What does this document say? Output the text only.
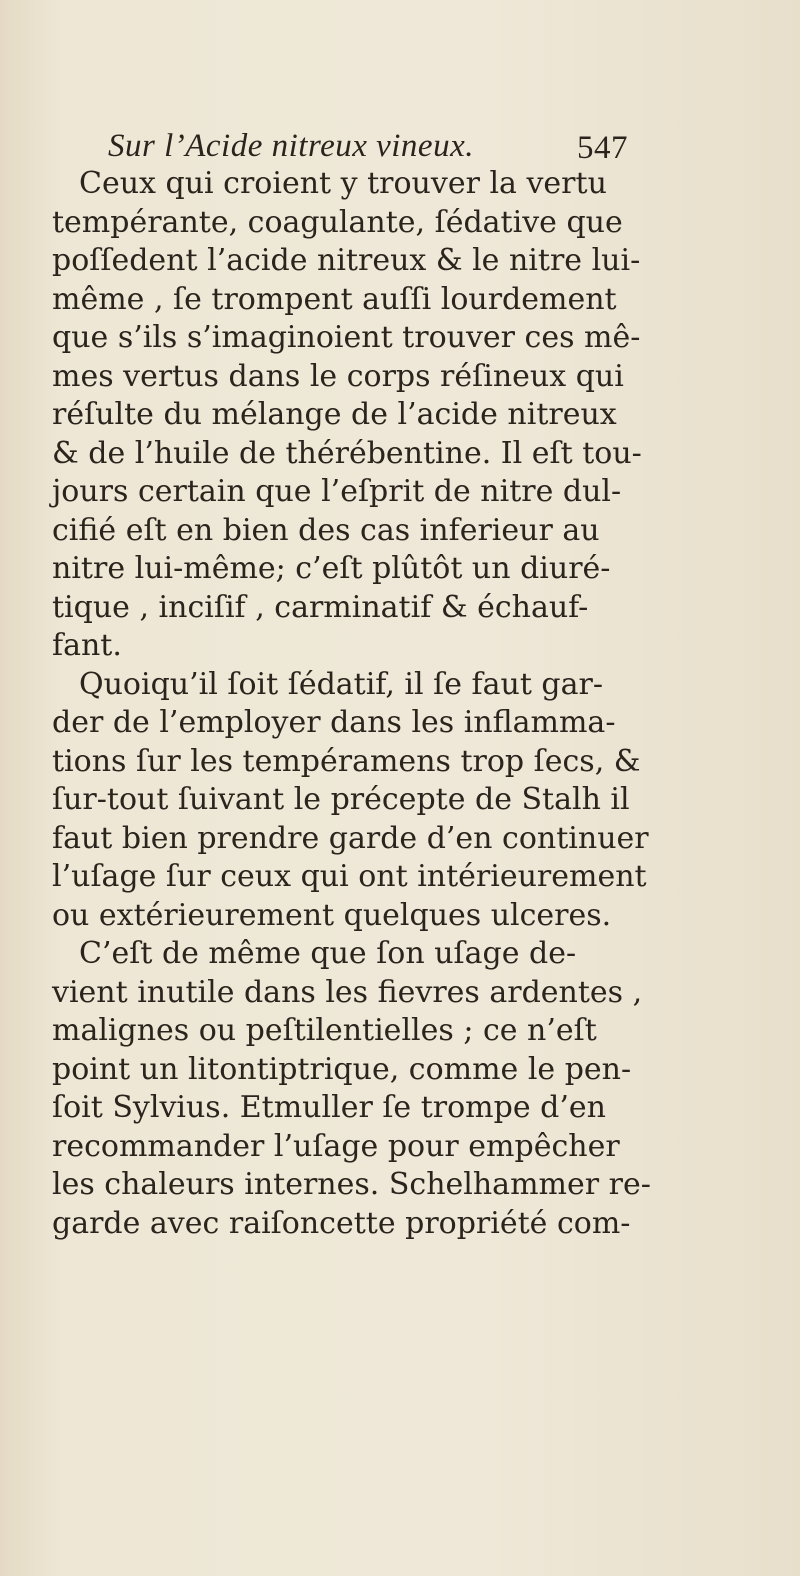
Sur l’Acide nitreux vineux.	547
Ceux qui croient y trouver la vertu
tempérante, coagulante, ſédative que
poſſedent l’acide nitreux & le nitre lui-
même , ſe trompent auſſi lourdement
que s’ils s’imaginoient trouver ces mê-
mes vertus dans le corps réſineux qui
réſulte du mélange de l’acide nitreux
& de l’huile de thérébentine. Il eſt tou-
jours certain que l’eſprit de nitre dul-
cifié eſt en bien des cas inferieur au
nitre lui-même; c’eſt plûtôt un diuré-
tique , inciſif , carminatif & échauf-
fant.
Quoiqu’il ſoit ſédatif, il ſe faut gar-
der de l’employer dans les inflamma-
tions ſur les tempéramens trop ſecs, &
ſur-tout ſuivant le précepte de Stalh il
faut bien prendre garde d’en continuer
l’uſage ſur ceux qui ont intérieurement
ou extérieurement quelques ulceres.
C’eſt de même que ſon uſage de-
vient inutile dans les fievres ardentes ,
malignes ou peſtilentielles ; ce n’eſt
point un litontiptrique, comme le pen-
ſoit Sylvius. Etmuller ſe trompe d’en
recommander l’uſage pour empêcher
les chaleurs internes. Schelhammer re-
garde avec raiſoncette propriété com-
